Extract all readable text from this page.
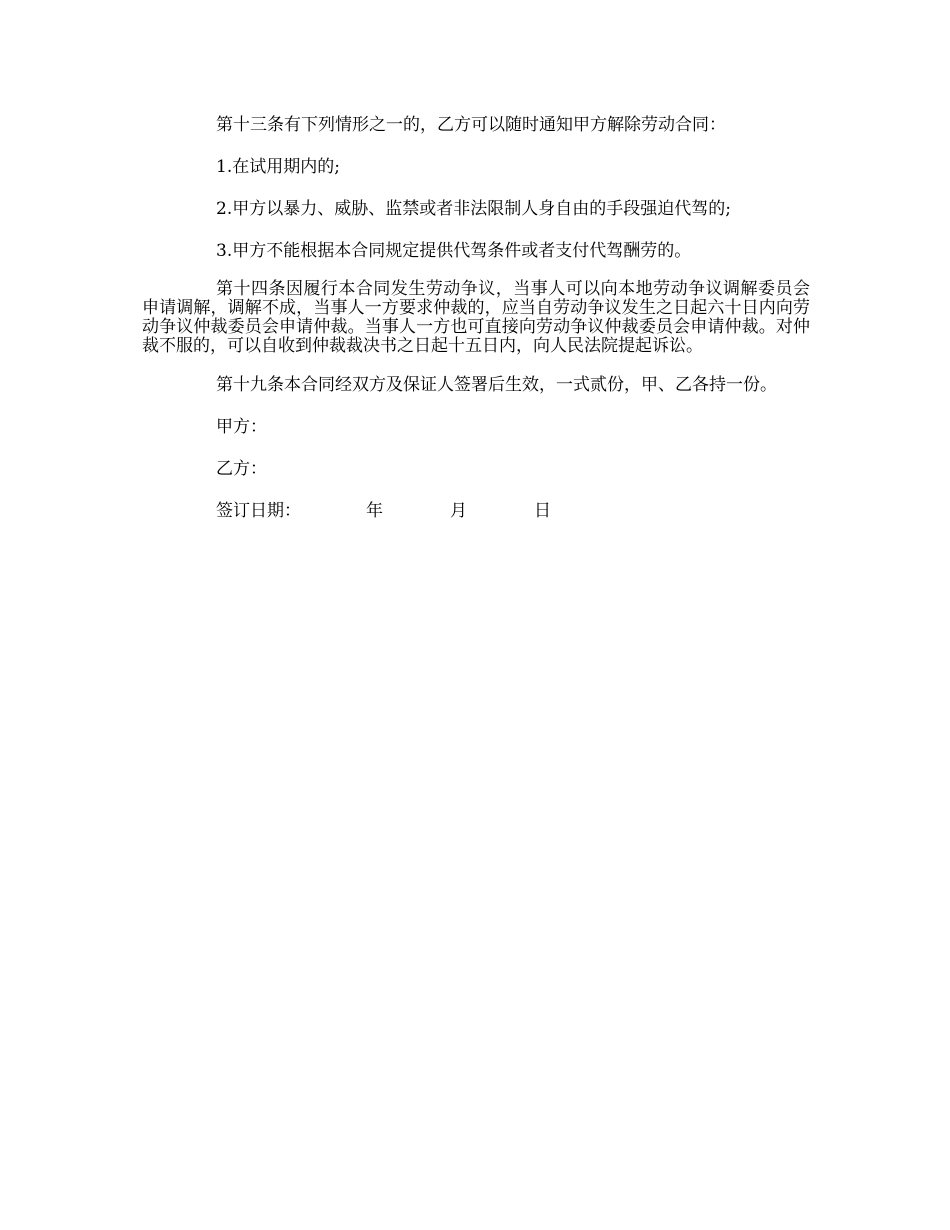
第十三条有下列情形之一的，乙方可以随时通知甲方解除劳动合同：

1.在试用期内的;

2.甲方以暴力、威胁、监禁或者非法限制人身自由的手段强迫代驾的;

3.甲方不能根据本合同规定提供代驾条件或者支付代驾酬劳的。

第十四条因履行本合同发生劳动争议，当事人可以向本地劳动争议调解委员会申请调解，调解不成，当事人一方要求仲裁的，应当自劳动争议发生之日起六十日内向劳动争议仲裁委员会申请仲裁。当事人一方也可直接向劳动争议仲裁委员会申请仲裁。对仲裁不服的，可以自收到仲裁裁决书之日起十五日内，向人民法院提起诉讼。

第十九条本合同经双方及保证人签署后生效，一式贰份，甲、乙各持一份。

甲方：

乙方：

签订日期：	年	月	日
